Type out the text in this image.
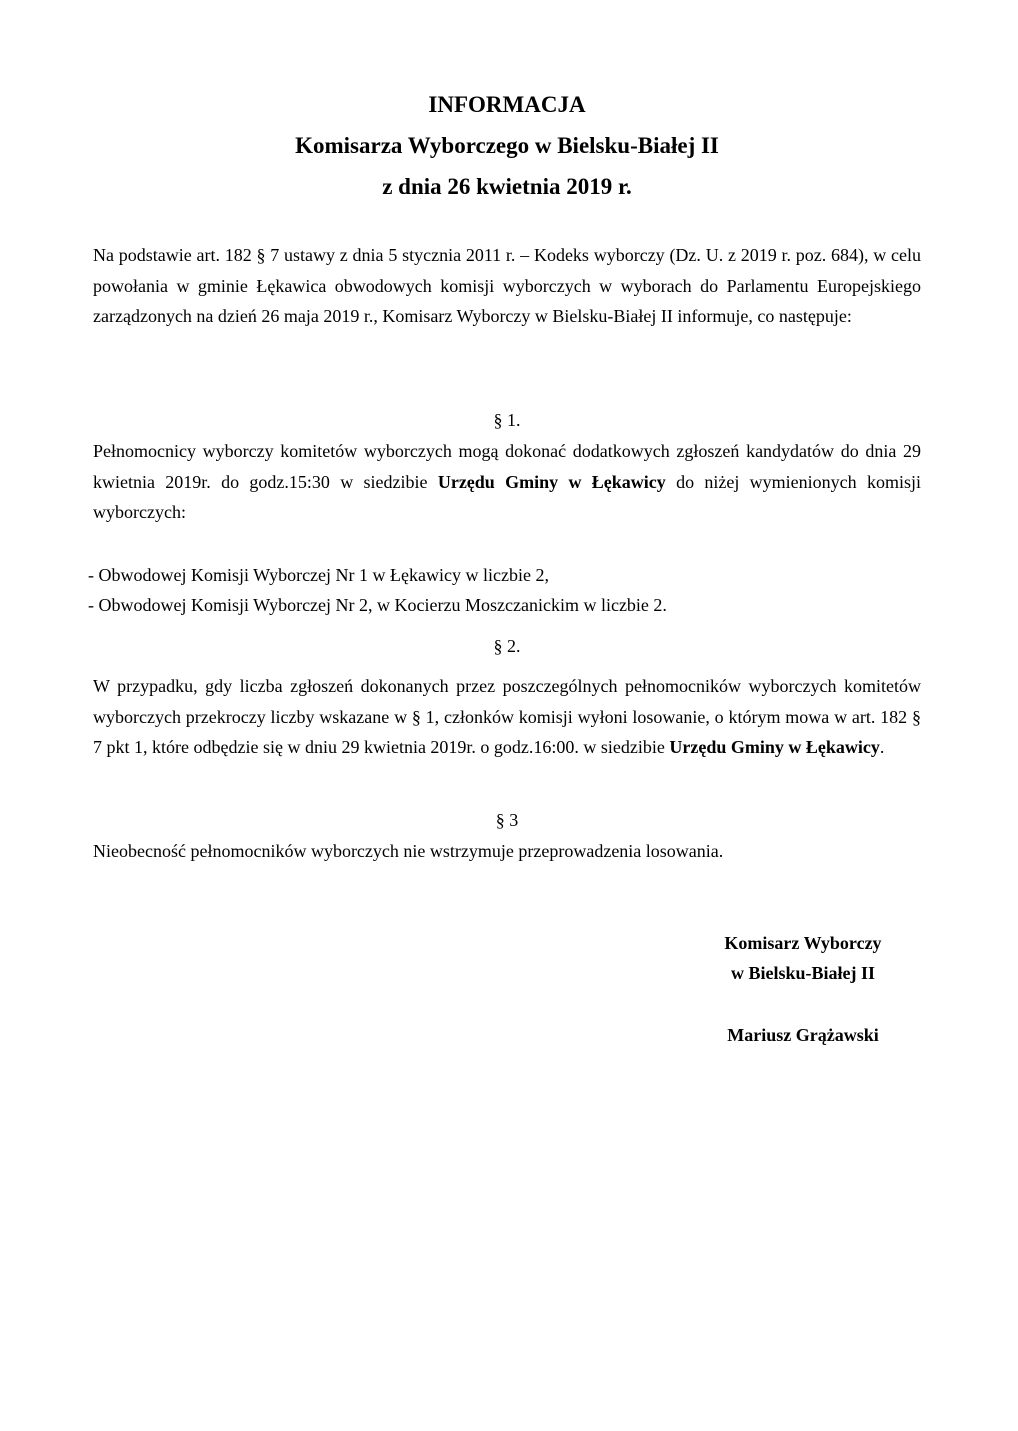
INFORMACJA

Komisarza Wyborczego w Bielsku-Białej II

z dnia 26 kwietnia 2019 r.

Na podstawie art. 182 § 7 ustawy z dnia 5 stycznia 2011 r. – Kodeks wyborczy (Dz. U. z 2019 r. poz. 684), w celu powołania w gminie Łękawica obwodowych komisji wyborczych w wyborach do Parlamentu Europejskiego zarządzonych na dzień 26 maja 2019 r., Komisarz Wyborczy w Bielsku-Białej II informuje, co następuje:

§ 1.

Pełnomocnicy wyborczy komitetów wyborczych mogą dokonać dodatkowych zgłoszeń kandydatów do dnia 29 kwietnia 2019r. do godz.15:30 w siedzibie Urzędu Gminy w Łękawicy do niżej wymienionych komisji wyborczych:

- Obwodowej Komisji Wyborczej Nr 1 w Łękawicy w liczbie 2,

- Obwodowej Komisji Wyborczej Nr 2, w Kocierzu Moszczanickim w liczbie 2.

§ 2.

W przypadku, gdy liczba zgłoszeń dokonanych przez poszczególnych pełnomocników wyborczych komitetów wyborczych przekroczy liczby wskazane w § 1, członków komisji wyłoni losowanie, o którym mowa w art. 182 § 7 pkt 1, które odbędzie się w dniu 29 kwietnia 2019r. o godz.16:00. w siedzibie Urzędu Gminy w Łękawicy.

§ 3

Nieobecność pełnomocników wyborczych nie wstrzymuje przeprowadzenia losowania.

Komisarz Wyborczy

w Bielsku-Białej II

Mariusz Grążawski
